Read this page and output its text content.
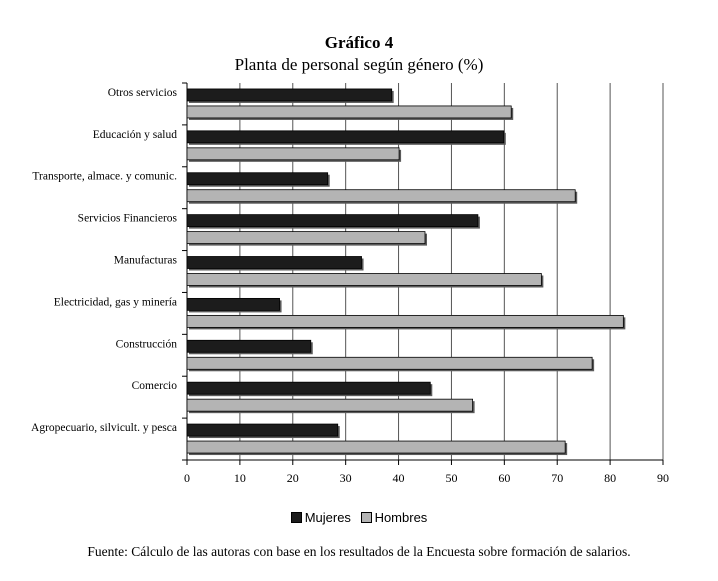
Gráfico 4
Planta de personal según género (%)
0	10	20	30	40	50	60	70	80	90
Otros servicios
Educación y salud
Transporte, almace. y comunic.
Servicios Financieros
Manufacturas
Electricidad, gas y minería
Construcción
Comercio
Agropecuario, silvicult. y pesca
Mujeres
Hombres
Fuente: Cálculo de las autoras con base en los resultados de la Encuesta sobre formación de salarios.
